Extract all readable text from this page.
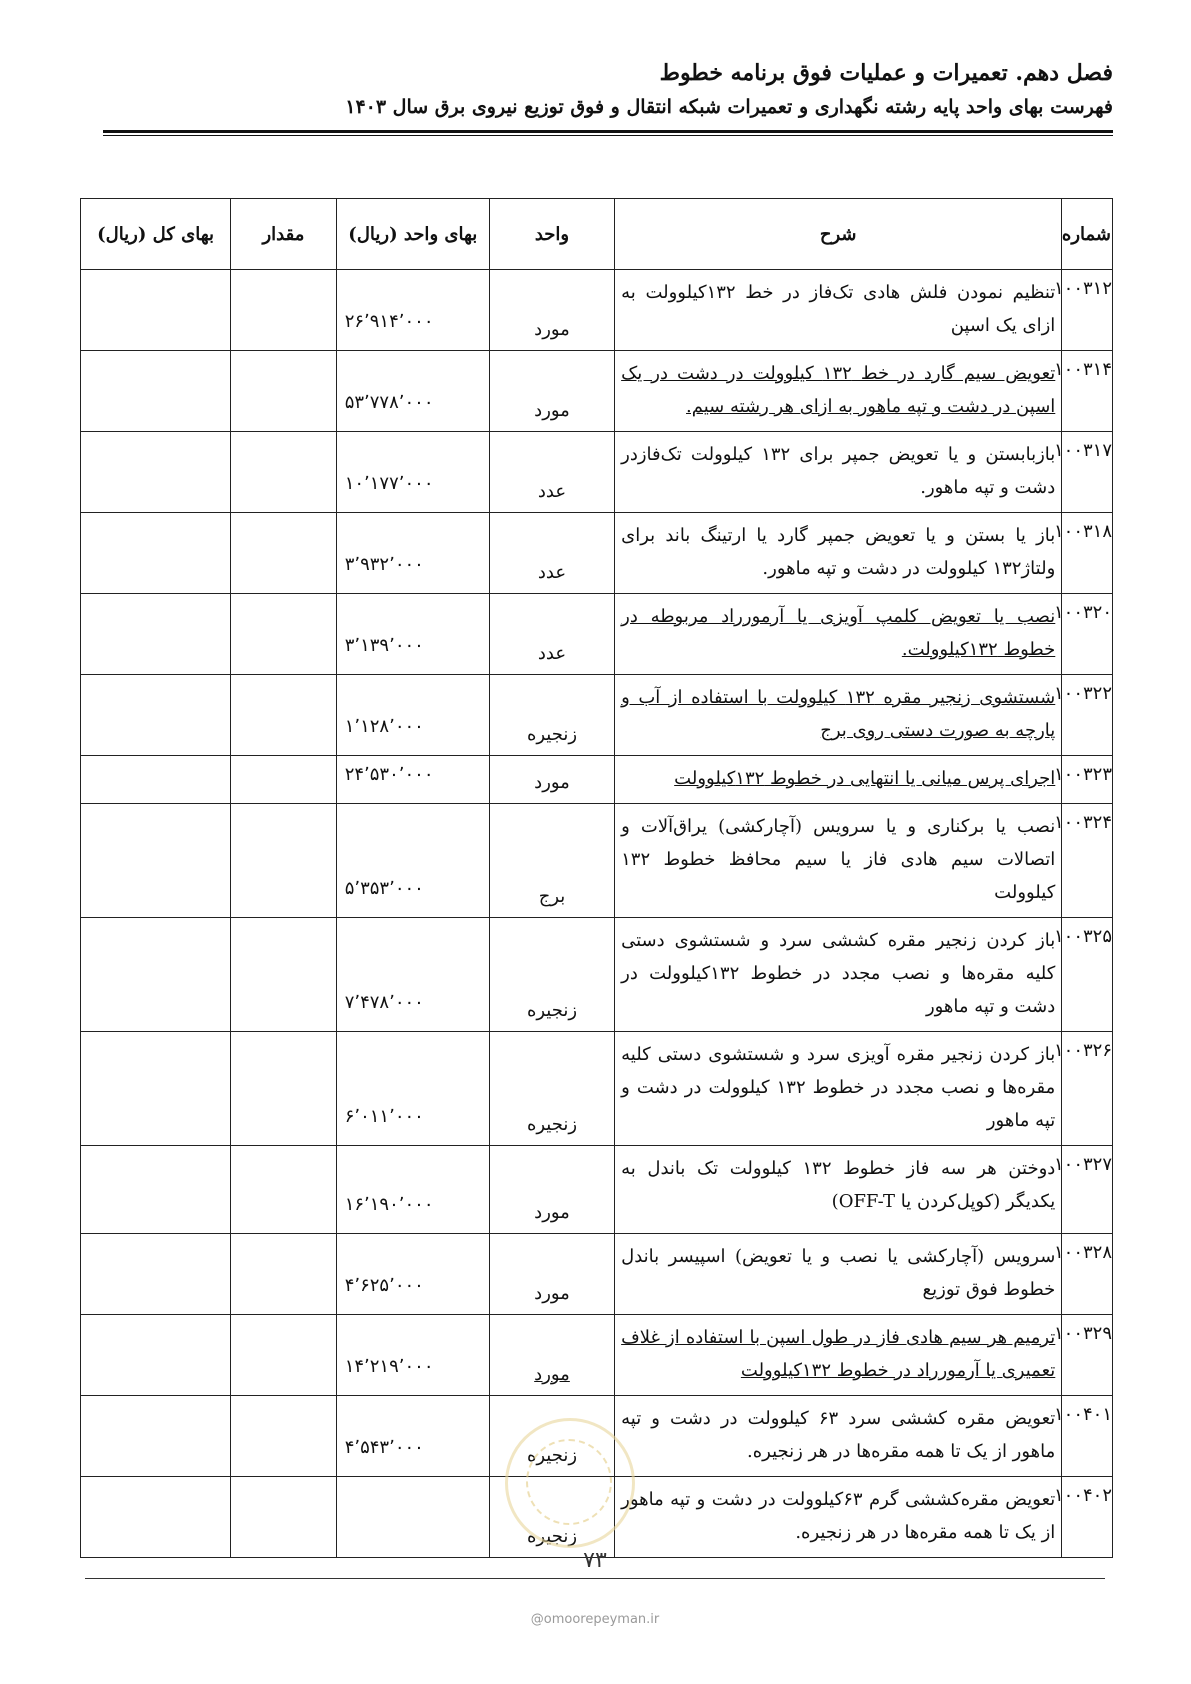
فصل دهم. تعمیرات و عملیات فوق برنامه خطوط
فهرست بهای واحد پایه رشته نگهداری و تعمیرات شبکه انتقال و فوق توزیع نیروی برق سال ۱۴۰۳
شماره	شرح	واحد	بهای واحد (ریال)	مقدار	بهای کل (ریال)
۱۰۰۳۱۲	تنظیم نمودن فلش هادی تک‌فاز در خط ۱۳۲کیلوولت به ازای یک اسپن	مورد	۲۶٬۹۱۴٬۰۰۰		
۱۰۰۳۱۴	تعویض سیم گارد در خط ۱۳۲ کیلوولت در دشت در یک اسپن در دشت و تپه ماهور به ازای هر رشته سیم.	مورد	۵۳٬۷۷۸٬۰۰۰		
۱۰۰۳۱۷	بازبابستن و یا تعویض جمپر برای ۱۳۲ کیلوولت تک‌فازدر دشت و تپه ماهور.	عدد	۱۰٬۱۷۷٬۰۰۰		
۱۰۰۳۱۸	باز یا بستن و یا تعویض جمپر گارد یا ارتینگ باند برای ولتاژ۱۳۲ کیلوولت در دشت و تپه ماهور.	عدد	۳٬۹۳۲٬۰۰۰		
۱۰۰۳۲۰	نصب یا تعویض کلمپ آویزی یا آرمورراد مربوطه در خطوط ۱۳۲کیلوولت.	عدد	۳٬۱۳۹٬۰۰۰		
۱۰۰۳۲۲	شستشوی زنجیر مقره ۱۳۲ کیلوولت با استفاده از آب و پارچه به صورت دستی روی برج	زنجیره	۱٬۱۲۸٬۰۰۰		
۱۰۰۳۲۳	اجرای پرس میانی یا انتهایی در خطوط ۱۳۲کیلوولت	مورد	۲۴٬۵۳۰٬۰۰۰		
۱۰۰۳۲۴	نصب یا برکناری و یا سرویس (آچارکشی) یراق‌آلات و اتصالات سیم هادی فاز یا سیم محافظ خطوط ۱۳۲ کیلوولت	برج	۵٬۳۵۳٬۰۰۰		
۱۰۰۳۲۵	باز کردن زنجیر مقره کششی سرد و شستشوی دستی کلیه مقره‌ها و نصب مجدد در خطوط ۱۳۲کیلوولت در دشت و تپه ماهور	زنجیره	۷٬۴۷۸٬۰۰۰		
۱۰۰۳۲۶	باز کردن زنجیر مقره آویزی سرد و شستشوی دستی کلیه مقره‌ها و نصب مجدد در خطوط ۱۳۲ کیلوولت در دشت و تپه ماهور	زنجیره	۶٬۰۱۱٬۰۰۰		
۱۰۰۳۲۷	دوختن هر سه فاز خطوط ۱۳۲ کیلوولت تک باندل به یکدیگر (کوپل‌کردن یا OFF-T)	مورد	۱۶٬۱۹۰٬۰۰۰		
۱۰۰۳۲۸	سرویس (آچارکشی یا نصب و یا تعویض) اسپیسر باندل خطوط فوق توزیع	مورد	۴٬۶۲۵٬۰۰۰		
۱۰۰۳۲۹	ترمیم هر سیم هادی فاز در طول اسپن با استفاده از غلاف تعمیری یا آرمورراد در خطوط ۱۳۲کیلوولت	مورد	۱۴٬۲۱۹٬۰۰۰		
۱۰۰۴۰۱	تعویض مقره کششی سرد ۶۳ کیلوولت در دشت و تپه ماهور از یک تا همه مقره‌ها در هر زنجیره.	زنجیره	۴٬۵۴۳٬۰۰۰		
۱۰۰۴۰۲	تعویض مقره‌کششی گرم ۶۳کیلوولت در دشت و تپه ماهور از یک تا همه مقره‌ها در هر زنجیره.	زنجیره			
۷۳
@omoorepeyman.ir
